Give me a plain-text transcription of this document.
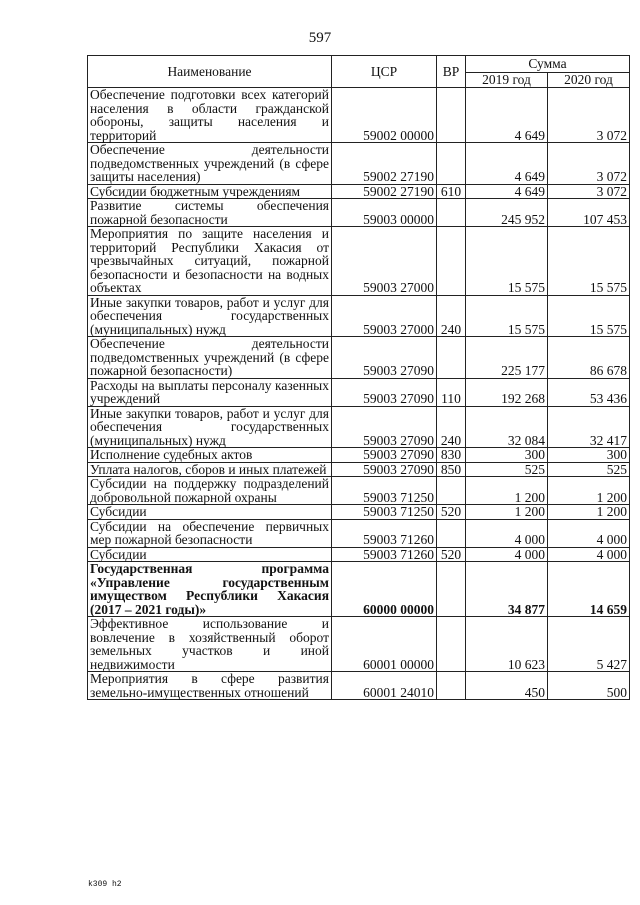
597
Наименование	ЦСР	ВР	Сумма	
			2019 год	2020 год
Обеспечение подготовки всех категорий населения в области гражданской обороны, защиты населения и территорий	59002 00000		4 649	3 072
Обеспечение деятельности подведомственных учреждений (в сфере защиты населения)	59002 27190		4 649	3 072
Субсидии бюджетным учреждениям	59002 27190	610	4 649	3 072
Развитие системы обеспечения пожарной безопасности	59003 00000		245 952	107 453
Мероприятия по защите населения и территорий Республики Хакасия от чрезвычайных ситуаций, пожарной безопасности и безопасности на водных объектах	59003 27000		15 575	15 575
Иные закупки товаров, работ и услуг для обеспечения государственных (муниципальных) нужд	59003 27000	240	15 575	15 575
Обеспечение деятельности подведомственных учреждений (в сфере пожарной безопасности)	59003 27090		225 177	86 678
Расходы на выплаты персоналу казенных учреждений	59003 27090	110	192 268	53 436
Иные закупки товаров, работ и услуг для обеспечения государственных (муниципальных) нужд	59003 27090	240	32 084	32 417
Исполнение судебных актов	59003 27090	830	300	300
Уплата налогов, сборов и иных платежей	59003 27090	850	525	525
Субсидии на поддержку подразделений добровольной пожарной охраны	59003 71250		1 200	1 200
Субсидии	59003 71250	520	1 200	1 200
Субсидии на обеспечение первичных мер пожарной безопасности	59003 71260		4 000	4 000
Субсидии	59003 71260	520	4 000	4 000
Государственная программа «Управление государственным имуществом Республики Хакасия (2017 – 2021 годы)»	60000 00000		34 877	14 659
Эффективное использование и вовлечение в хозяйственный оборот земельных участков и иной недвижимости	60001 00000		10 623	5 427
Мероприятия в сфере развития земельно-имущественных отношений	60001 24010		450	500
k309 h2
